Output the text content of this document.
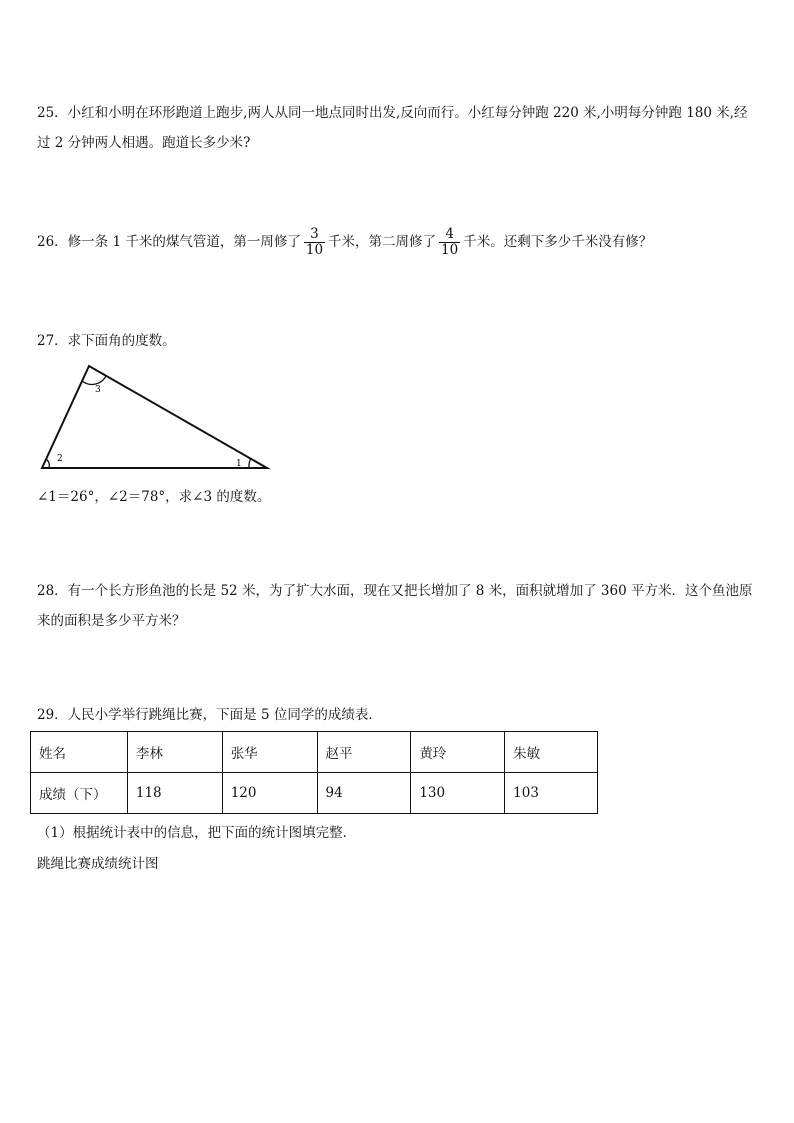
25．小红和小明在环形跑道上跑步,两人从同一地点同时出发,反向而行。小红每分钟跑 220 米,小明每分钟跑 180 米,经
过 2 分钟两人相遇。跑道长多少米?
26．修一条 1 千米的煤气管道，第一周修了 $\frac{3}{10}$ 千米，第二周修了 $\frac{4}{10}$ 千米。还剩下多少千米没有修？
27．求下面角的度数。
1
2
3
∠1＝26°，∠2＝78°，求∠3 的度数。
28．有一个长方形鱼池的长是 52 米，为了扩大水面，现在又把长增加了 8 米，面积就增加了 360 平方米．这个鱼池原
来的面积是多少平方米？
29．人民小学举行跳绳比赛，下面是 5 位同学的成绩表．
姓名	李林	张华	赵平	黄玲	朱敏
成绩（下）	118	120	94	130	103
（1）根据统计表中的信息，把下面的统计图填完整．
跳绳比赛成绩统计图
